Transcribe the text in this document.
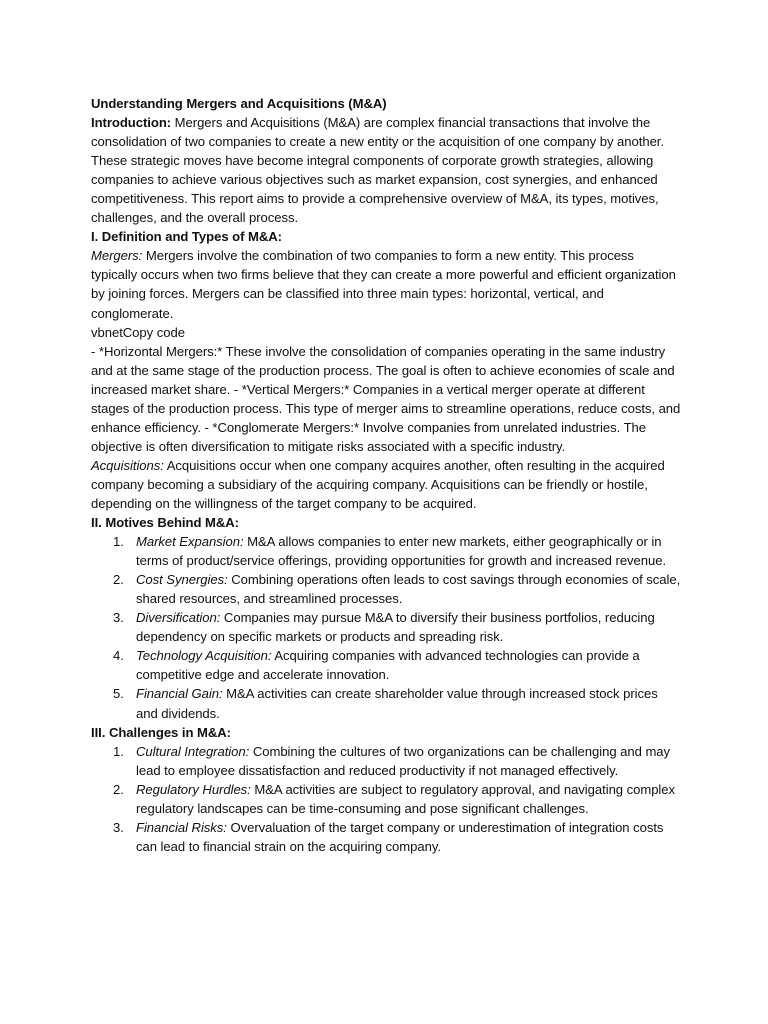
Understanding Mergers and Acquisitions (M&A)

Introduction: Mergers and Acquisitions (M&A) are complex financial transactions that involve the consolidation of two companies to create a new entity or the acquisition of one company by another. These strategic moves have become integral components of corporate growth strategies, allowing companies to achieve various objectives such as market expansion, cost synergies, and enhanced competitiveness. This report aims to provide a comprehensive overview of M&A, its types, motives, challenges, and the overall process.

I. Definition and Types of M&A:

Mergers: Mergers involve the combination of two companies to form a new entity. This process typically occurs when two firms believe that they can create a more powerful and efficient organization by joining forces. Mergers can be classified into three main types: horizontal, vertical, and conglomerate.

vbnetCopy code

- *Horizontal Mergers:* These involve the consolidation of companies operating in the same industry and at the same stage of the production process. The goal is often to achieve economies of scale and increased market share. - *Vertical Mergers:* Companies in a vertical merger operate at different stages of the production process. This type of merger aims to streamline operations, reduce costs, and enhance efficiency. - *Conglomerate Mergers:* Involve companies from unrelated industries. The objective is often diversification to mitigate risks associated with a specific industry.

Acquisitions: Acquisitions occur when one company acquires another, often resulting in the acquired company becoming a subsidiary of the acquiring company. Acquisitions can be friendly or hostile, depending on the willingness of the target company to be acquired.

II. Motives Behind M&A:

1. Market Expansion: M&A allows companies to enter new markets, either geographically or in terms of product/service offerings, providing opportunities for growth and increased revenue.
2. Cost Synergies: Combining operations often leads to cost savings through economies of scale, shared resources, and streamlined processes.
3. Diversification: Companies may pursue M&A to diversify their business portfolios, reducing dependency on specific markets or products and spreading risk.
4. Technology Acquisition: Acquiring companies with advanced technologies can provide a competitive edge and accelerate innovation.
5. Financial Gain: M&A activities can create shareholder value through increased stock prices and dividends.

III. Challenges in M&A:

1. Cultural Integration: Combining the cultures of two organizations can be challenging and may lead to employee dissatisfaction and reduced productivity if not managed effectively.
2. Regulatory Hurdles: M&A activities are subject to regulatory approval, and navigating complex regulatory landscapes can be time-consuming and pose significant challenges.
3. Financial Risks: Overvaluation of the target company or underestimation of integration costs can lead to financial strain on the acquiring company.
